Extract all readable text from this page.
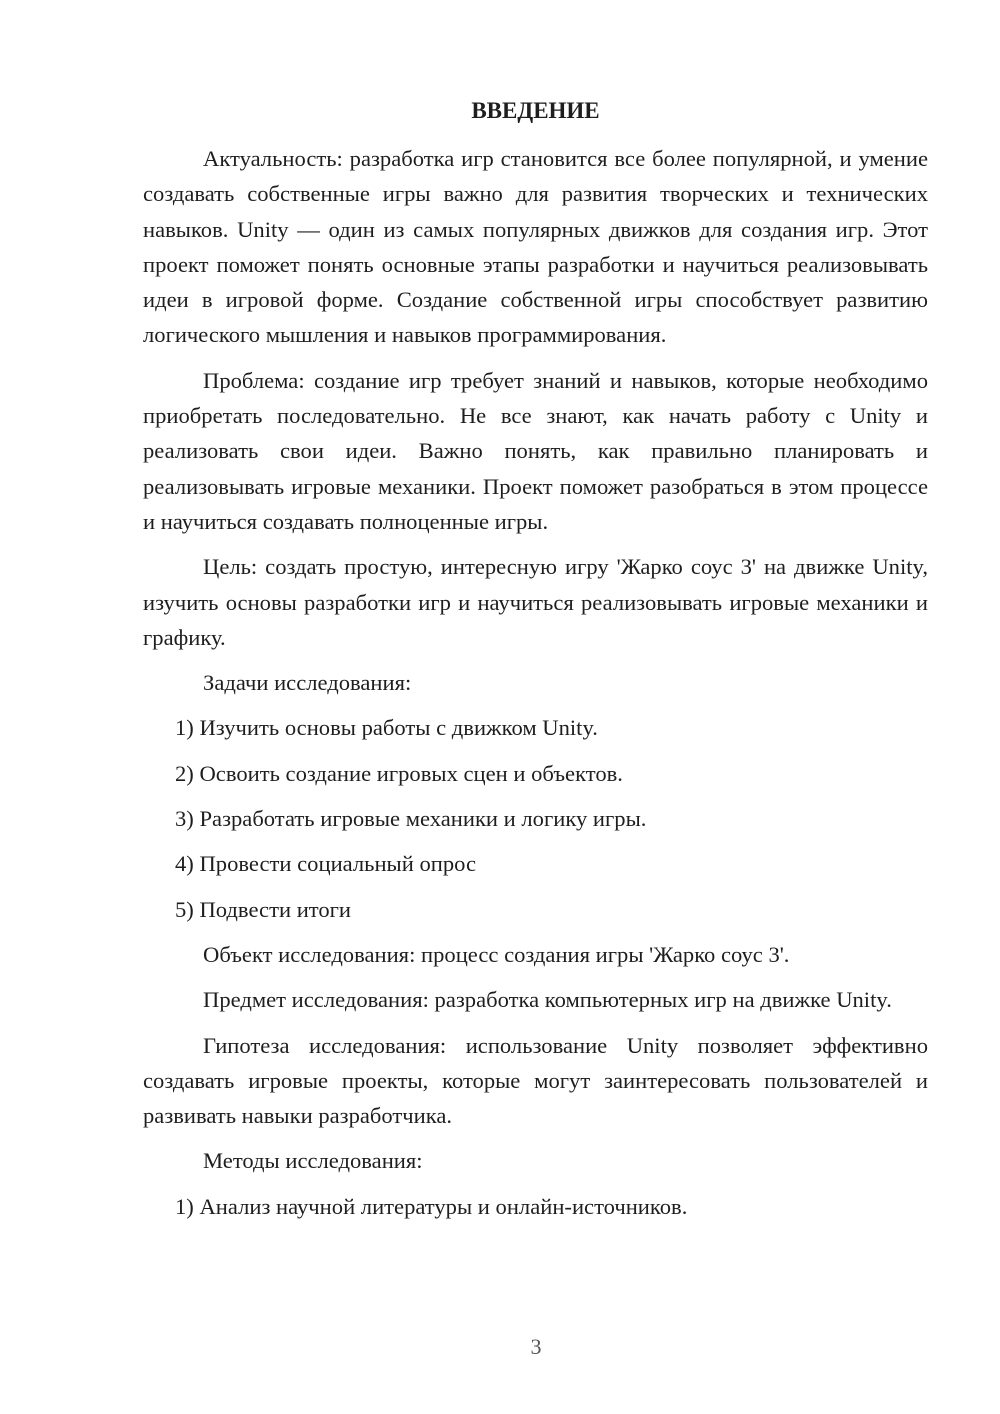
ВВЕДЕНИЕ

Актуальность: разработка игр становится все более популярной, и умение создавать собственные игры важно для развития творческих и технических навыков. Unity — один из самых популярных движков для создания игр. Этот проект поможет понять основные этапы разработки и научиться реализовывать идеи в игровой форме. Создание собственной игры способствует развитию логического мышления и навыков программирования.

Проблема: создание игр требует знаний и навыков, которые необходимо приобретать последовательно. Не все знают, как начать работу с Unity и реализовать свои идеи. Важно понять, как правильно планировать и реализовывать игровые механики. Проект поможет разобраться в этом процессе и научиться создавать полноценные игры.

Цель: создать простую, интересную игру 'Жарко соус 3' на движке Unity, изучить основы разработки игр и научиться реализовывать игровые механики и графику.

Задачи исследования:

1) Изучить основы работы с движком Unity.

2) Освоить создание игровых сцен и объектов.

3) Разработать игровые механики и логику игры.

4) Провести социальный опрос

5) Подвести итоги

Объект исследования: процесс создания игры 'Жарко соус 3'.

Предмет исследования: разработка компьютерных игр на движке Unity.

Гипотеза исследования: использование Unity позволяет эффективно создавать игровые проекты, которые могут заинтересовать пользователей и развивать навыки разработчика.

Методы исследования:

1) Анализ научной литературы и онлайн-источников.

3
